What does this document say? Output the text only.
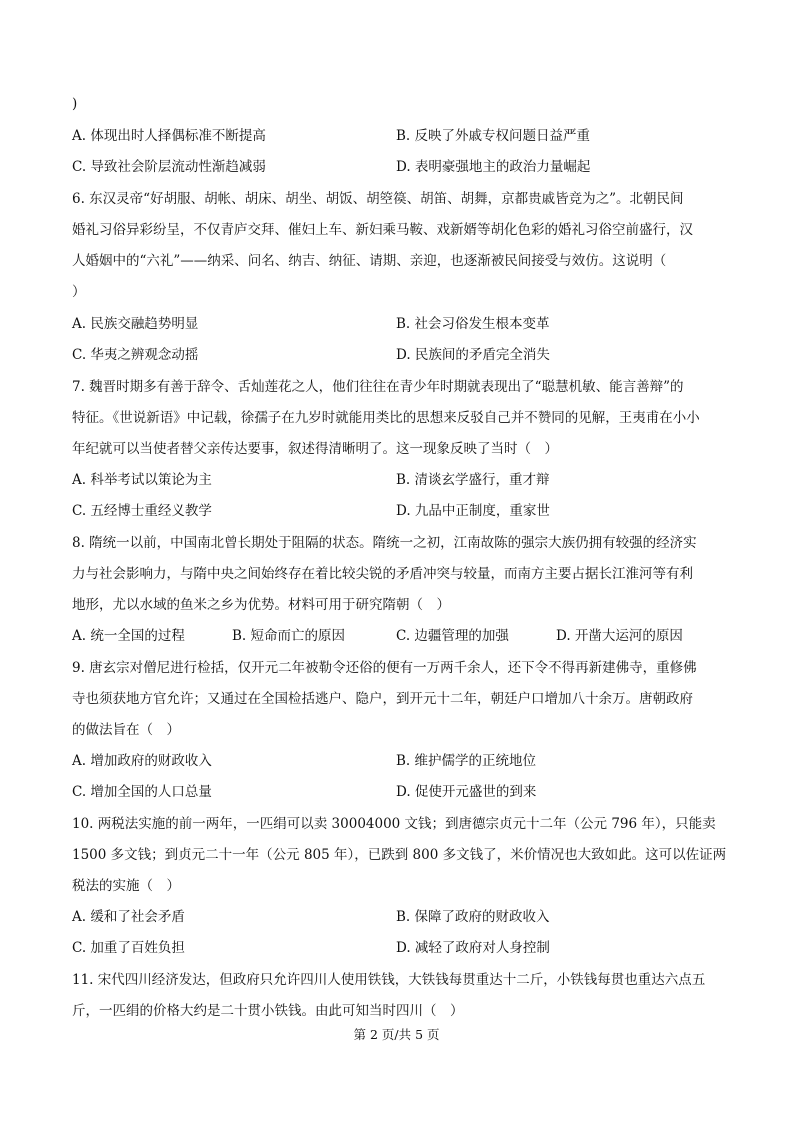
)
A. 体现出时人择偶标准不断提高	B. 反映了外戚专权问题日益严重
C. 导致社会阶层流动性渐趋减弱	D. 表明豪强地主的政治力量崛起
6. 东汉灵帝“好胡服、胡帐、胡床、胡坐、胡饭、胡箜篌、胡笛、胡舞，京都贵戚皆竞为之”。北朝民间
婚礼习俗异彩纷呈，不仅青庐交拜、催妇上车、新妇乘马鞍、戏新婿等胡化色彩的婚礼习俗空前盛行，汉
人婚姻中的“六礼”——纳采、问名、纳吉、纳征、请期、亲迎，也逐渐被民间接受与效仿。这说明（
）
A. 民族交融趋势明显	B. 社会习俗发生根本变革
C. 华夷之辨观念动摇	D. 民族间的矛盾完全消失
7. 魏晋时期多有善于辞令、舌灿莲花之人，他们往往在青少年时期就表现出了“聪慧机敏、能言善辩”的
特征。《世说新语》中记载，徐孺子在九岁时就能用类比的思想来反驳自己并不赞同的见解，王夷甫在小小
年纪就可以当使者替父亲传达要事，叙述得清晰明了。这一现象反映了当时（　）
A. 科举考试以策论为主	B. 清谈玄学盛行，重才辩
C. 五经博士重经义教学	D. 九品中正制度，重家世
8. 隋统一以前，中国南北曾长期处于阻隔的状态。隋统一之初，江南故陈的强宗大族仍拥有较强的经济实
力与社会影响力，与隋中央之间始终存在着比较尖锐的矛盾冲突与较量，而南方主要占据长江淮河等有利
地形，尤以水域的鱼米之乡为优势。材料可用于研究隋朝（　）
A. 统一全国的过程	B. 短命而亡的原因	C. 边疆管理的加强	D. 开凿大运河的原因
9. 唐玄宗对僧尼进行检括，仅开元二年被勒令还俗的便有一万两千余人，还下令不得再新建佛寺，重修佛
寺也须获地方官允许；又通过在全国检括逃户、隐户，到开元十二年，朝廷户口增加八十余万。唐朝政府
的做法旨在（　）
A. 增加政府的财政收入	B. 维护儒学的正统地位
C. 增加全国的人口总量	D. 促使开元盛世的到来
10. 两税法实施的前一两年，一匹绢可以卖 30004000 文钱；到唐德宗贞元十二年（公元 796 年），只能卖
1500 多文钱；到贞元二十一年（公元 805 年），已跌到 800 多文钱了，米价情况也大致如此。这可以佐证两
税法的实施（　）
A. 缓和了社会矛盾	B. 保障了政府的财政收入
C. 加重了百姓负担	D. 减轻了政府对人身控制
11. 宋代四川经济发达，但政府只允许四川人使用铁钱，大铁钱每贯重达十二斤，小铁钱每贯也重达六点五
斤，一匹绢的价格大约是二十贯小铁钱。由此可知当时四川（　）
第 2 页/共 5 页
